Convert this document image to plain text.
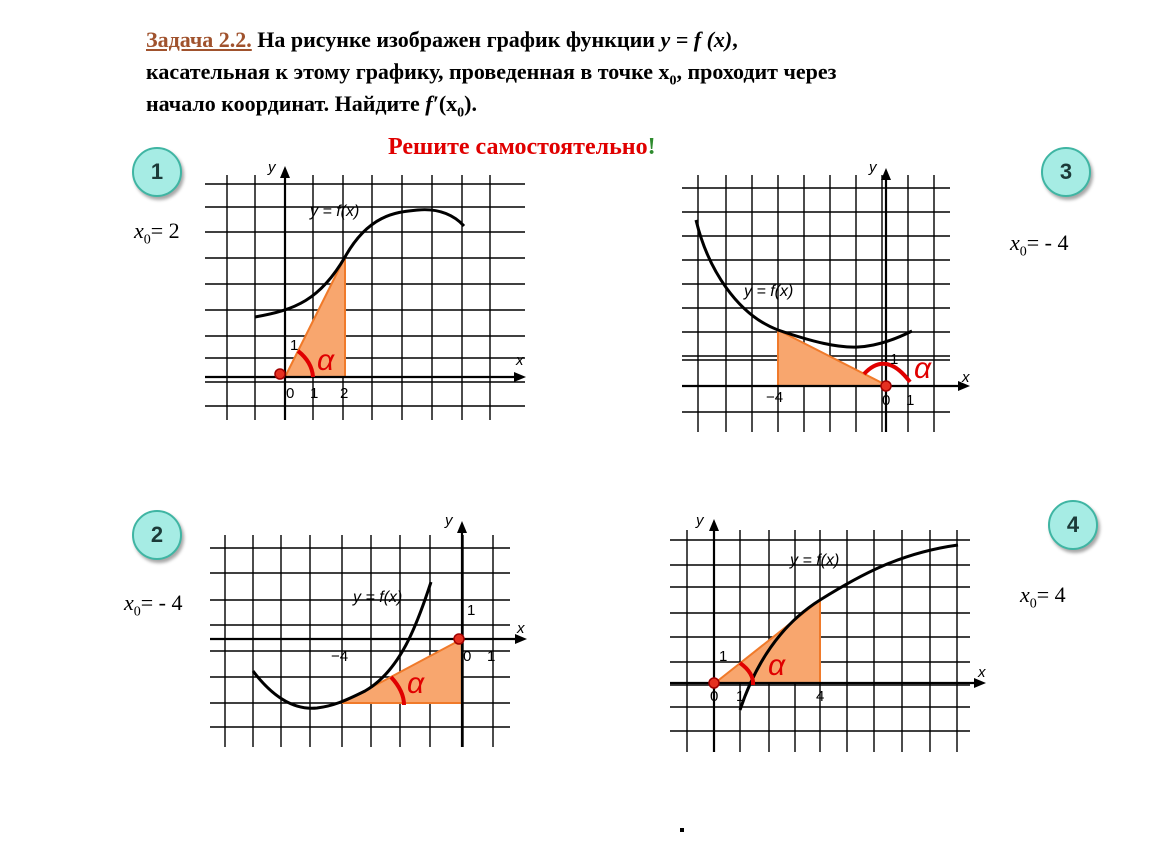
Задача 2.2. На рисунке изображен график функции y = f (x),
касательная к этому графику, проведенная в точке $x_0$, проходит через
начало координат. Найдите $f'(x_0)$.
Решите самостоятельно!
1
2
3
4
$x_0= 2$
$x_0= - 4$
$x_0= - 4$
$x_0= 4$
α
y = f(x)
y
x
1
0 1 2
α
y = f(x)
y
x
1
−4	0 1
α
y = f(x)
y
x
1
−4	0 1	α
y = f(x)
y
x
1
0 1	4
